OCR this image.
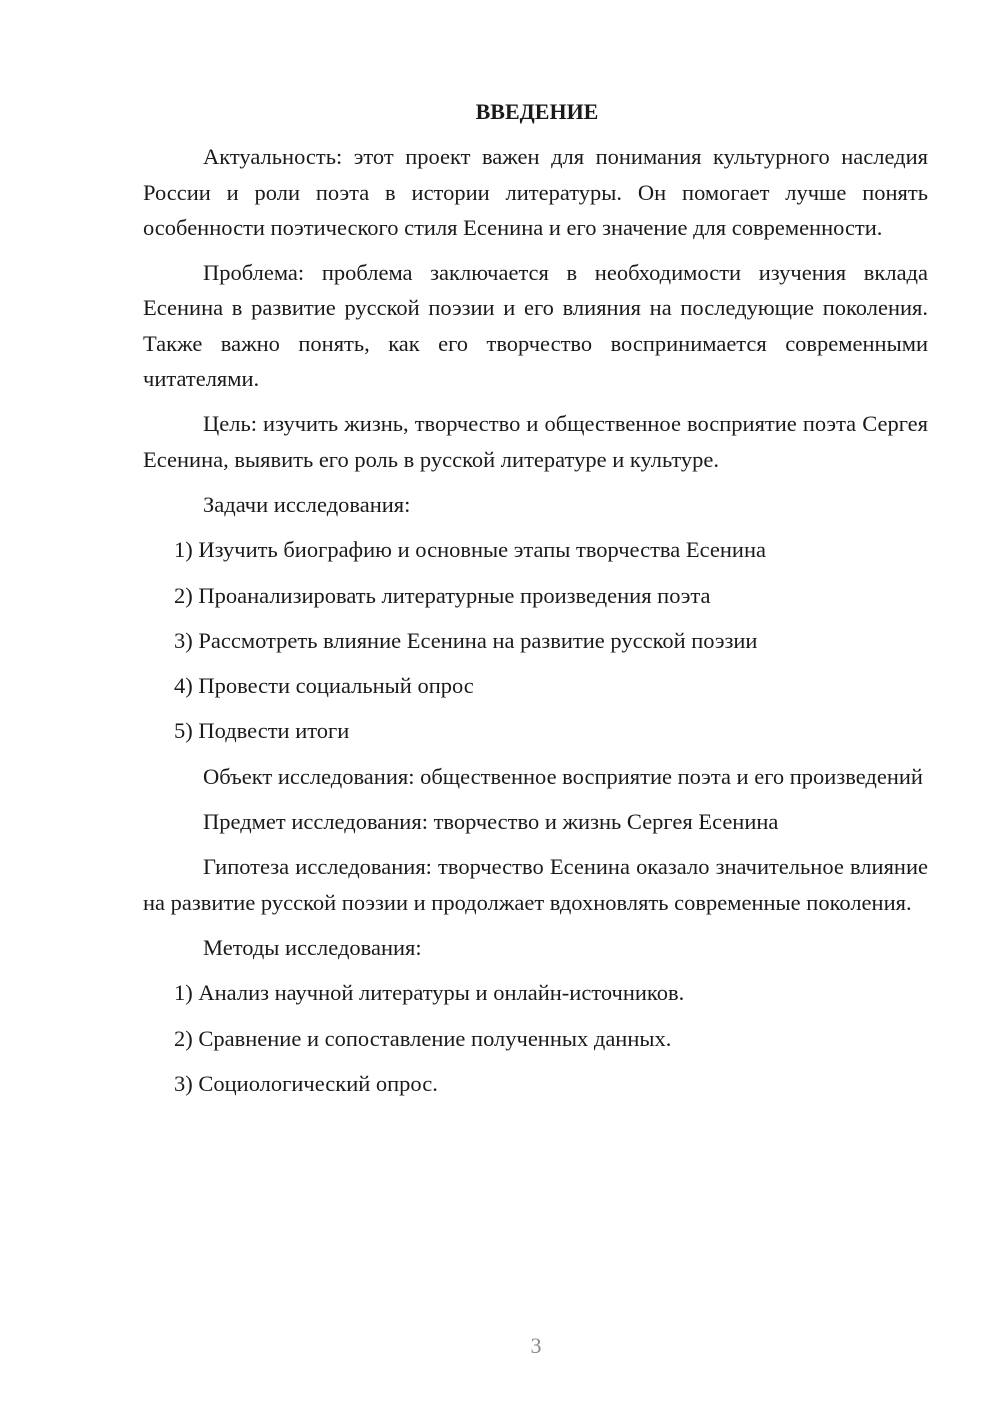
ВВЕДЕНИЕ

Актуальность: этот проект важен для понимания культурного наследия России и роли поэта в истории литературы. Он помогает лучше понять особенности поэтического стиля Есенина и его значение для современности.

Проблема: проблема заключается в необходимости изучения вклада Есенина в развитие русской поэзии и его влияния на последующие поколения. Также важно понять, как его творчество воспринимается современными читателями.

Цель: изучить жизнь, творчество и общественное восприятие поэта Сергея Есенина, выявить его роль в русской литературе и культуре.

Задачи исследования:

1) Изучить биографию и основные этапы творчества Есенина

2) Проанализировать литературные произведения поэта

3) Рассмотреть влияние Есенина на развитие русской поэзии

4) Провести социальный опрос

5) Подвести итоги

Объект исследования: общественное восприятие поэта и его произведений

Предмет исследования: творчество и жизнь Сергея Есенина

Гипотеза исследования: творчество Есенина оказало значительное влияние на развитие русской поэзии и продолжает вдохновлять современные поколения.

Методы исследования:

1) Анализ научной литературы и онлайн-источников.

2) Сравнение и сопоставление полученных данных.

3) Социологический опрос.

3
